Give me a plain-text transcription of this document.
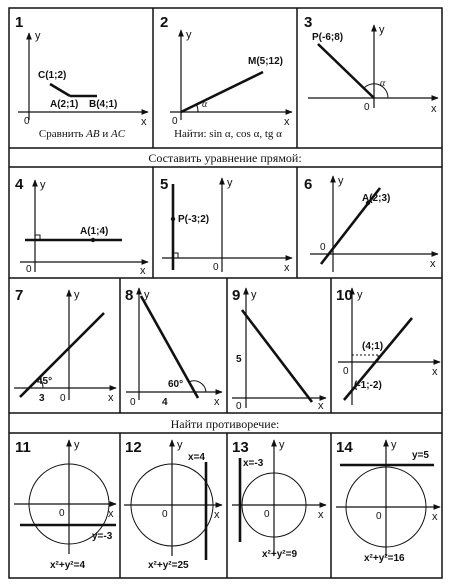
Составить уравнение прямой:
Найти противоречие:
1
y
x
0
C(1;2)
A(2;1) B(4;1)
Сравнить AB и AC
2
y
x
0
α
M(5;12)
Найти: sin α, cos α, tg α
3	y
x
0
α
P(-6;8)
4 y
x
0
A(1;4)
5	y
x
0
P(-3;2)
6 y
x
0
A(2;3)
7	y
x
0
45°
3
8 y
x
0
60°
4
9 y
x
0
5
10 y
x
0
(4;1)
(-1;-2)
11	y
x
0
y=-3
x²+y²=4
12	y
x
0
x=4
x²+y²=25
13	y
x
0
x=-3
x²+y²=9
14	y
x
0
y=5
x²+y²=16
